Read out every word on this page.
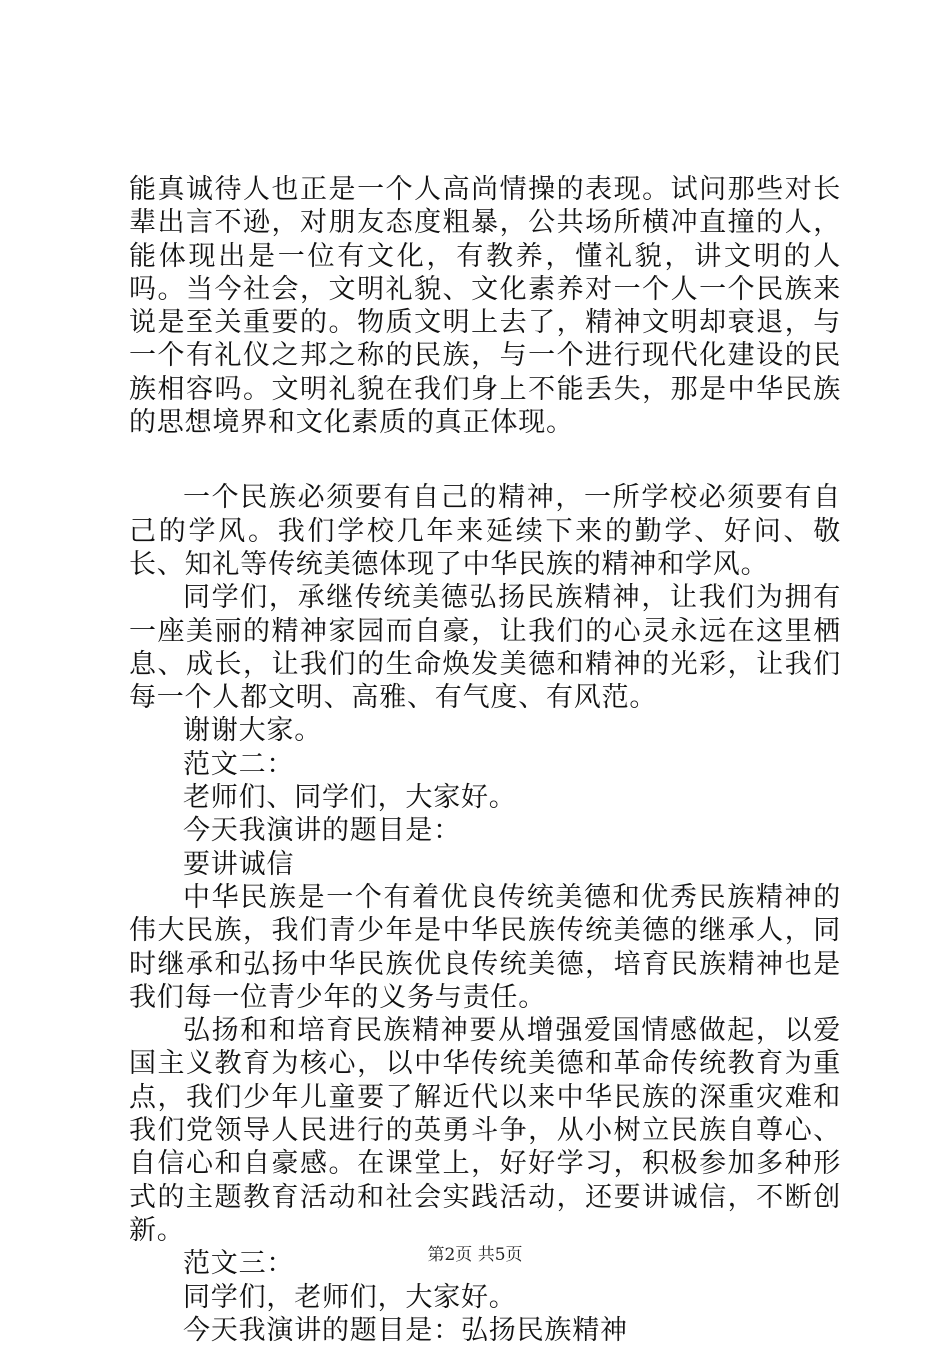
能真诚待人也正是一个人高尚情操的表现。试问那些对长辈出言不逊，对朋友态度粗暴，公共场所横冲直撞的人，能体现出是一位有文化，有教养，懂礼貌，讲文明的人吗。当今社会，文明礼貌、文化素养对一个人一个民族来说是至关重要的。物质文明上去了，精神文明却衰退，与一个有礼仪之邦之称的民族，与一个进行现代化建设的民族相容吗。文明礼貌在我们身上不能丢失，那是中华民族的思想境界和文化素质的真正体现。

一个民族必须要有自己的精神，一所学校必须要有自己的学风。我们学校几年来延续下来的勤学、好问、敬长、知礼等传统美德体现了中华民族的精神和学风。

同学们，承继传统美德弘扬民族精神，让我们为拥有一座美丽的精神家园而自豪，让我们的心灵永远在这里栖息、成长，让我们的生命焕发美德和精神的光彩，让我们每一个人都文明、高雅、有气度、有风范。

谢谢大家。

范文二：

老师们、同学们，大家好。

今天我演讲的题目是：

要讲诚信

中华民族是一个有着优良传统美德和优秀民族精神的伟大民族，我们青少年是中华民族传统美德的继承人，同时继承和弘扬中华民族优良传统美德，培育民族精神也是我们每一位青少年的义务与责任。

弘扬和和培育民族精神要从增强爱国情感做起，以爱国主义教育为核心，以中华传统美德和革命传统教育为重点，我们少年儿童要了解近代以来中华民族的深重灾难和我们党领导人民进行的英勇斗争，从小树立民族自尊心、自信心和自豪感。在课堂上，好好学习，积极参加多种形式的主题教育活动和社会实践活动，还要讲诚信，不断创新。

范文三：

同学们，老师们，大家好。

今天我演讲的题目是：弘扬民族精神

第2页 共5页
